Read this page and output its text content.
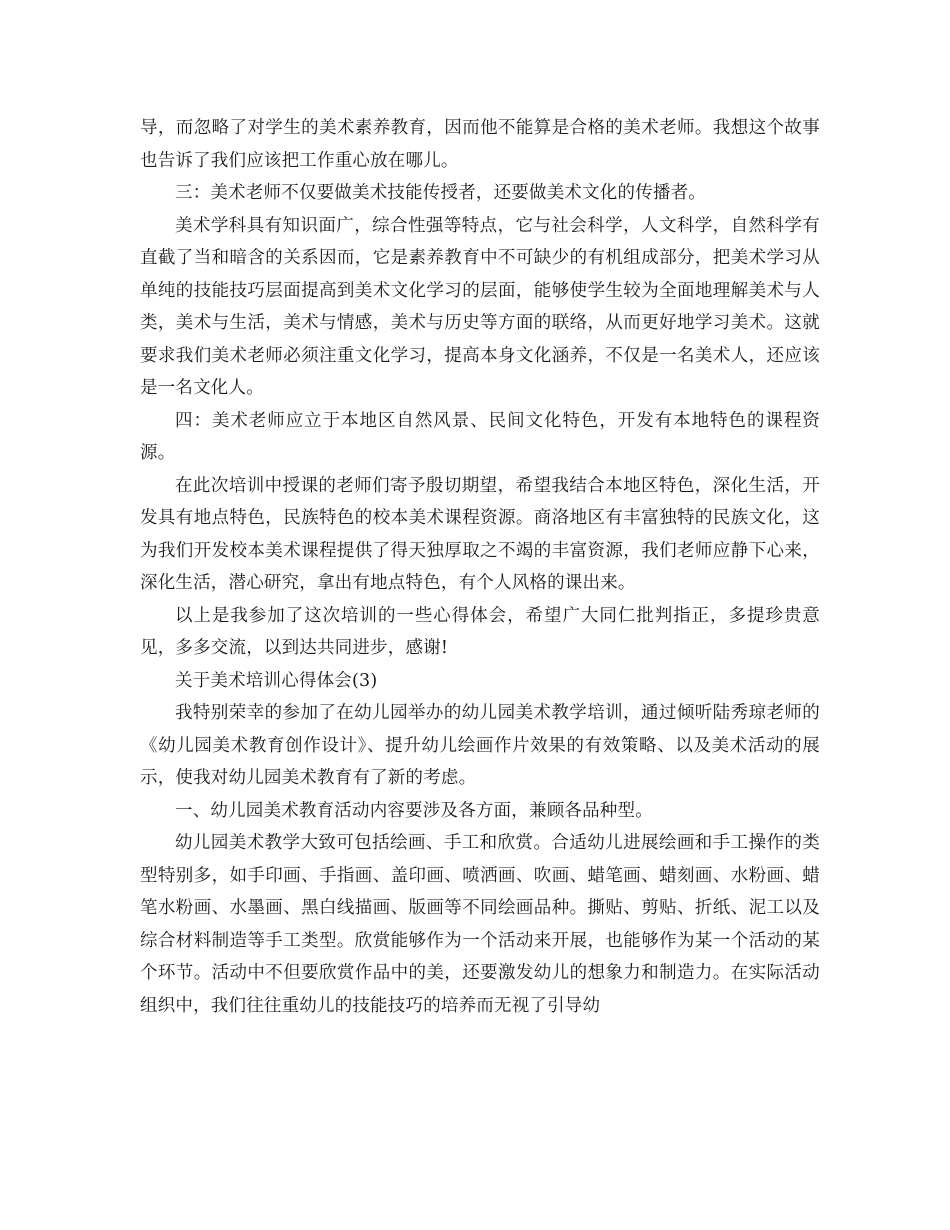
导，而忽略了对学生的美术素养教育，因而他不能算是合格的美术老师。我想这个故事也告诉了我们应该把工作重心放在哪儿。

三：美术老师不仅要做美术技能传授者，还要做美术文化的传播者。

美术学科具有知识面广，综合性强等特点，它与社会科学，人文科学，自然科学有直截了当和暗含的关系因而，它是素养教育中不可缺少的有机组成部分，把美术学习从单纯的技能技巧层面提高到美术文化学习的层面，能够使学生较为全面地理解美术与人类，美术与生活，美术与情感，美术与历史等方面的联络，从而更好地学习美术。这就要求我们美术老师必须注重文化学习，提高本身文化涵养，不仅是一名美术人，还应该是一名文化人。

四：美术老师应立于本地区自然风景、民间文化特色，开发有本地特色的课程资源。

在此次培训中授课的老师们寄予殷切期望，希望我结合本地区特色，深化生活，开发具有地点特色，民族特色的校本美术课程资源。商洛地区有丰富独特的民族文化，这为我们开发校本美术课程提供了得天独厚取之不竭的丰富资源，我们老师应静下心来，深化生活，潜心研究，拿出有地点特色，有个人风格的课出来。

以上是我参加了这次培训的一些心得体会，希望广大同仁批判指正，多提珍贵意见，多多交流，以到达共同进步，感谢!

关于美术培训心得体会(3)

我特别荣幸的参加了在幼儿园举办的幼儿园美术教学培训，通过倾听陆秀琼老师的《幼儿园美术教育创作设计》、提升幼儿绘画作片效果的有效策略、以及美术活动的展示，使我对幼儿园美术教育有了新的考虑。

一、幼儿园美术教育活动内容要涉及各方面，兼顾各品种型。

幼儿园美术教学大致可包括绘画、手工和欣赏。合适幼儿进展绘画和手工操作的类型特别多，如手印画、手指画、盖印画、喷洒画、吹画、蜡笔画、蜡刻画、水粉画、蜡笔水粉画、水墨画、黑白线描画、版画等不同绘画品种。撕贴、剪贴、折纸、泥工以及综合材料制造等手工类型。欣赏能够作为一个活动来开展，也能够作为某一个活动的某个环节。活动中不但要欣赏作品中的美，还要激发幼儿的想象力和制造力。在实际活动组织中，我们往往重幼儿的技能技巧的培养而无视了引导幼
